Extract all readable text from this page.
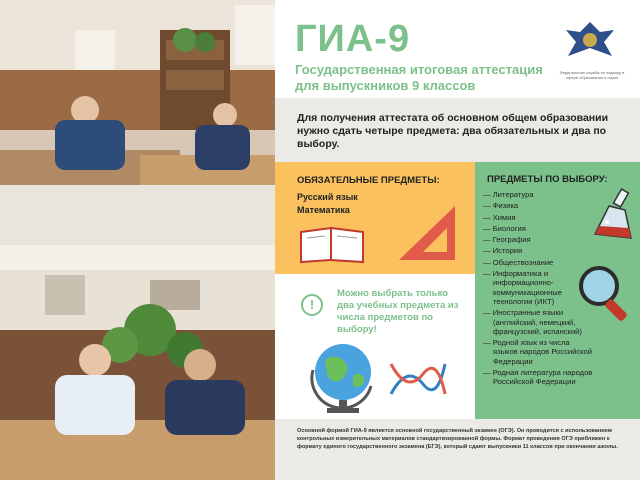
ГИА-9
Государственная итоговая аттестация для выпускников 9 классов
Федеральная служба по надзору в сфере образования и науки

Для получения аттестата об основном общем образовании нужно сдать четыре предмета: два обязательных и два по выбору.

ОБЯЗАТЕЛЬНЫЕ ПРЕДМЕТЫ:
Русский язык
Математика
!
Можно выбрать только два учебных предмета из числа предметов по выбору!
ПРЕДМЕТЫ ПО ВЫБОРУ:
— Литература
— Физика
— Химия
— Биология
— География
— История
— Обществознание
— Информатика и информационно-коммуникационные технологии (ИКТ)
— Иностранные языки (английский, немецкий, французский, испанский)
— Родной язык из числа языков народов Российской Федерации
— Родная литература народов Российской Федерации

Основной формой ГИА-9 является основной государственный экзамен (ОГЭ). Он проводится с использованием контрольных измерительных материалов стандартизированной формы. Формат проведения ОГЭ приближен к формату единого государственного экзамена (ЕГЭ), который сдают выпускники 11 классов при окончании школы.
